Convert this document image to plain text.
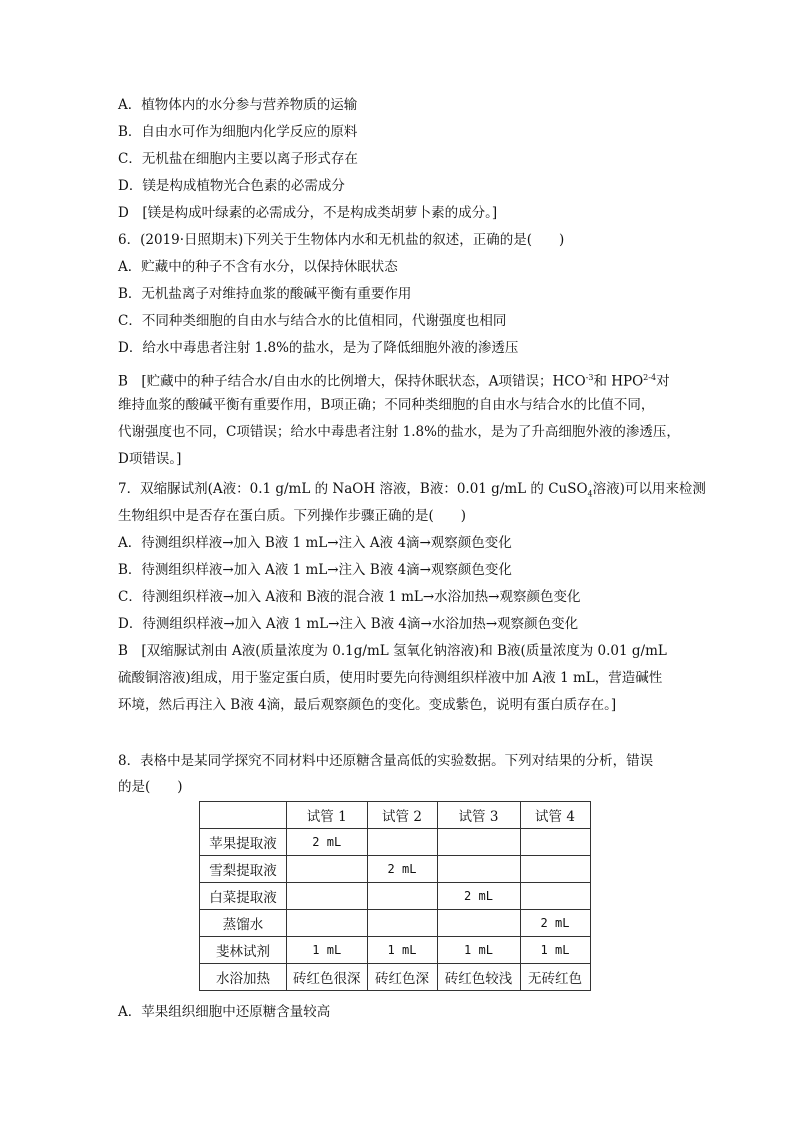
A．植物体内的水分参与营养物质的运输
B．自由水可作为细胞内化学反应的原料
C．无机盐在细胞内主要以离子形式存在
D．镁是构成植物光合色素的必需成分
D　[镁是构成叶绿素的必需成分，不是构成类胡萝卜素的成分。]
6．(2019·日照期末)下列关于生物体内水和无机盐的叙述，正确的是(　　)
A．贮藏中的种子不含有水分，以保持休眠状态
B．无机盐离子对维持血浆的酸碱平衡有重要作用
C．不同种类细胞的自由水与结合水的比值相同，代谢强度也相同
D．给水中毒患者注射 1.8%的盐水，是为了降低细胞外液的渗透压
B　[贮藏中的种子结合水/自由水的比例增大，保持休眠状态，A项错误；$HCO^{-3}$和 HPO$^{2-4}$对
维持血浆的酸碱平衡有重要作用，B项正确；不同种类细胞的自由水与结合水的比值不同，
代谢强度也不同，C项错误；给水中毒患者注射 1.8%的盐水，是为了升高细胞外液的渗透压，
D项错误。]
7．双缩脲试剂(A液：0.1 g/mL 的 NaOH 溶液，B液：0.01 g/mL 的 CuSO$_4$溶液)可以用来检测
生物组织中是否存在蛋白质。下列操作步骤正确的是(　　)
A．待测组织样液→加入 B液 1 mL→注入 A液 4滴→观察颜色变化
B．待测组织样液→加入 A液 1 mL→注入 B液 4滴→观察颜色变化
C．待测组织样液→加入 A液和 B液的混合液 1 mL→水浴加热→观察颜色变化
D．待测组织样液→加入 A液 1 mL→注入 B液 4滴→水浴加热→观察颜色变化
B　[双缩脲试剂由 A液(质量浓度为 0.1g/mL 氢氧化钠溶液)和 B液(质量浓度为 0.01 g/mL
硫酸铜溶液)组成，用于鉴定蛋白质，使用时要先向待测组织样液中加 A液 1 mL，营造碱性
环境，然后再注入 B液 4滴，最后观察颜色的变化。变成紫色，说明有蛋白质存在。]
8．表格中是某同学探究不同材料中还原糖含量高低的实验数据。下列对结果的分析，错误
的是(　　)
	试管 1	试管 2	试管 3	试管 4
苹果提取液	2 mL			
雪梨提取液		2 mL		
白菜提取液			2 mL	
蒸馏水				2 mL
斐林试剂	1 mL	1 mL	1 mL	1 mL
水浴加热	砖红色很深	砖红色深	砖红色较浅	无砖红色
A．苹果组织细胞中还原糖含量较高
